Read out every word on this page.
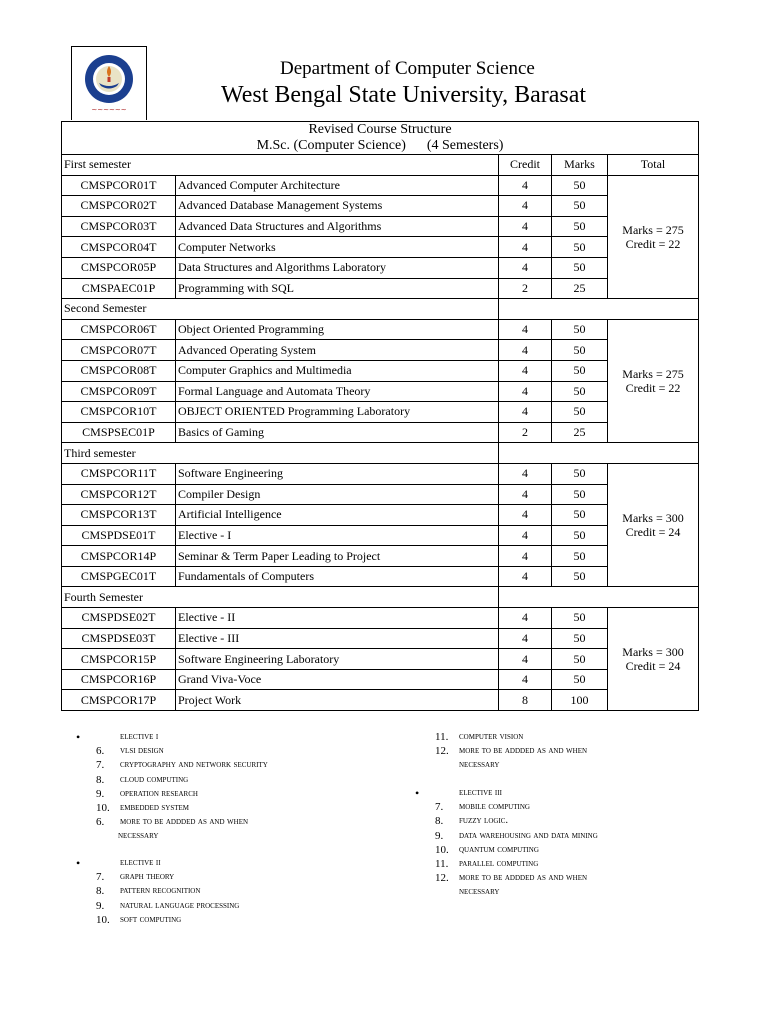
~~~~~~
Department of Computer Science
West Bengal State University, Barasat
Revised Course Structure
M.Sc. (Computer Science)      (4 Semesters)				

First semester		Credit	Marks	Total
CMSPCOR01T	Advanced Computer Architecture	4	50	Marks = 275
Credit = 22

CMSPCOR02T	Advanced Database Management Systems	4	50	
CMSPCOR03T	Advanced Data Structures and Algorithms	4	50	
CMSPCOR04T	Computer Networks	4	50	
CMSPCOR05P	Data Structures and Algorithms Laboratory	4	50	
CMSPAEC01P	Programming with SQL	2	25	
Second Semester				
CMSPCOR06T	Object Oriented Programming	4	50	Marks = 275
Credit = 22

CMSPCOR07T	Advanced Operating System	4	50	
CMSPCOR08T	Computer Graphics and Multimedia	4	50	
CMSPCOR09T	Formal Language and Automata Theory	4	50	
CMSPCOR10T	OBJECT ORIENTED Programming Laboratory	4	50	
CMSPSEC01P	Basics of Gaming	2	25	
Third semester				
CMSPCOR11T	Software Engineering	4	50	Marks = 300
Credit = 24

CMSPCOR12T	Compiler Design	4	50	
CMSPCOR13T	Artificial Intelligence	4	50	
CMSPDSE01T	Elective - I	4	50	
CMSPCOR14P	Seminar & Term Paper Leading to Project	4	50	
CMSPGEC01T	Fundamentals of Computers	4	50	
Fourth Semester				
CMSPDSE02T	Elective - II	4	50	Marks = 300
Credit = 24

CMSPDSE03T	Elective - III	4	50	
CMSPCOR15P	Software Engineering Laboratory	4	50	
CMSPCOR16P	Grand Viva-Voce	4	50	
CMSPCOR17P	Project Work	8	100	
• elective i
6. vlsi design
7. cryptography and network security
8. cloud computing
9. operation research
10. embedded system
6. more to be addded as and when
necessary
• elective ii
7. graph theory
8. pattern recognition
9. natural language processing
10. soft computing
11. computer vision
12. more to be addded as and when
necessary
• elective iii
7. mobile computing
8. fuzzy logic.
9. data warehousing and data mining
10. quantum computing
11. parallel computing
12. more to be addded as and when
necessary
